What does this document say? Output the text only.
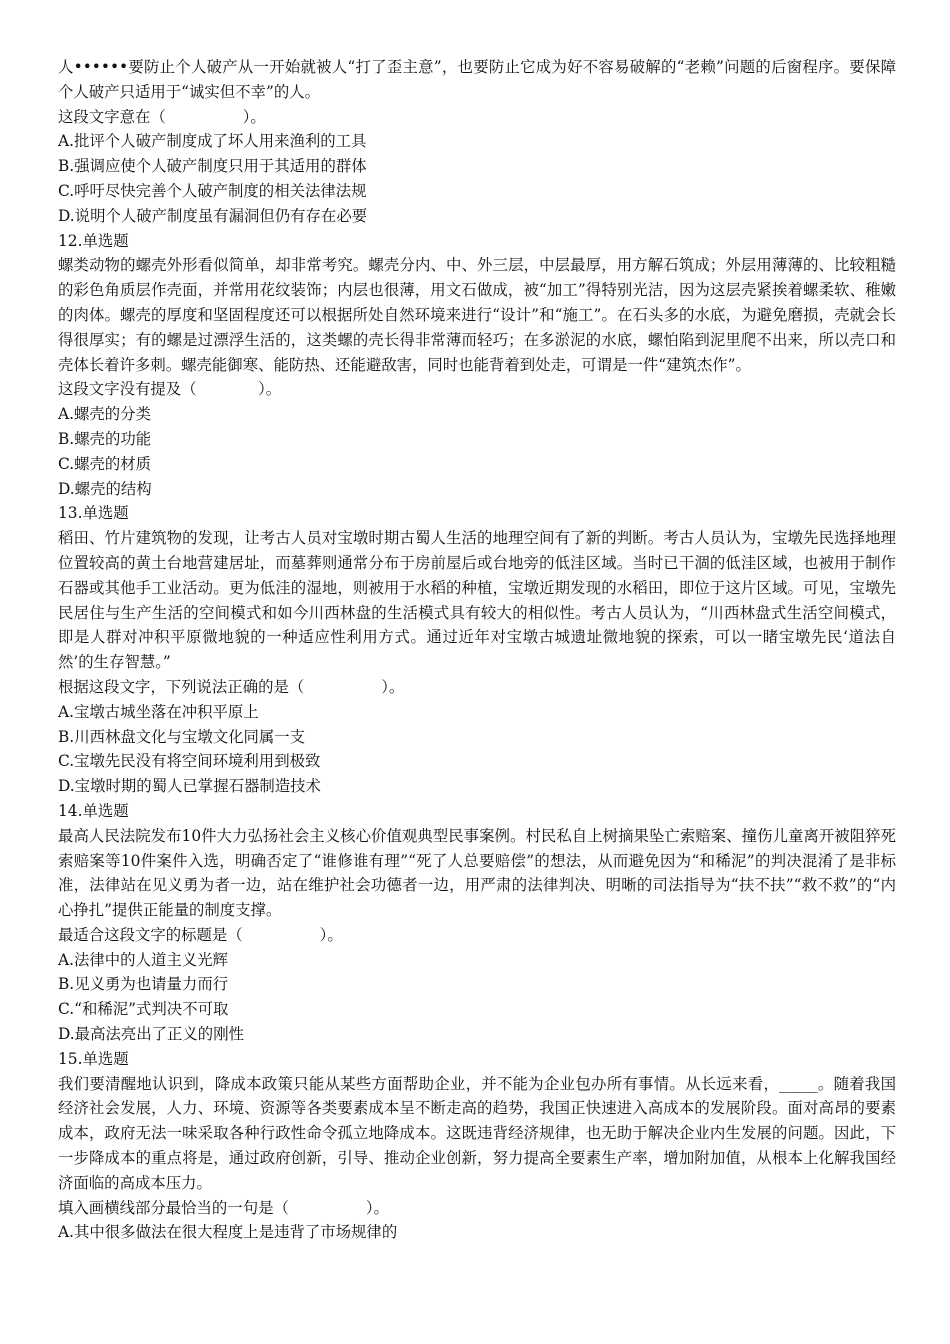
人••••••要防止个人破产从一开始就被人“打了歪主意”，也要防止它成为好不容易破解的“老赖”问题的后窗程序。要保障个人破产只适用于“诚实但不幸”的人。

这段文字意在（　　　　　）。

A.批评个人破产制度成了坏人用来渔利的工具

B.强调应使个人破产制度只用于其适用的群体

C.呼吁尽快完善个人破产制度的相关法律法规

D.说明个人破产制度虽有漏洞但仍有存在必要

12.单选题

螺类动物的螺壳外形看似简单，却非常考究。螺壳分内、中、外三层，中层最厚，用方解石筑成；外层用薄薄的、比较粗糙的彩色角质层作壳面，并常用花纹装饰；内层也很薄，用文石做成，被“加工”得特别光洁，因为这层壳紧挨着螺柔软、稚嫩的肉体。螺壳的厚度和坚固程度还可以根据所处自然环境来进行“设计”和“施工”。在石头多的水底，为避免磨损，壳就会长得很厚实；有的螺是过漂浮生活的，这类螺的壳长得非常薄而轻巧；在多淤泥的水底，螺怕陷到泥里爬不出来，所以壳口和壳体长着许多刺。螺壳能御寒、能防热、还能避敌害，同时也能背着到处走，可谓是一件“建筑杰作”。

这段文字没有提及（　　　　）。

A.螺壳的分类

B.螺壳的功能

C.螺壳的材质

D.螺壳的结构

13.单选题

稻田、竹片建筑物的发现，让考古人员对宝墩时期古蜀人生活的地理空间有了新的判断。考古人员认为，宝墩先民选择地理位置较高的黄土台地营建居址，而墓葬则通常分布于房前屋后或台地旁的低洼区域。当时已干涸的低洼区域，也被用于制作石器或其他手工业活动。更为低洼的湿地，则被用于水稻的种植，宝墩近期发现的水稻田，即位于这片区域。可见，宝墩先民居住与生产生活的空间模式和如今川西林盘的生活模式具有较大的相似性。考古人员认为，“川西林盘式生活空间模式，即是人群对冲积平原微地貌的一种适应性利用方式。通过近年对宝墩古城遗址微地貌的探索，可以一睹宝墩先民‘道法自然’的生存智慧。”

根据这段文字，下列说法正确的是（　　　　　）。

A.宝墩古城坐落在冲积平原上

B.川西林盘文化与宝墩文化同属一支

C.宝墩先民没有将空间环境利用到极致

D.宝墩时期的蜀人已掌握石器制造技术

14.单选题

最高人民法院发布10件大力弘扬社会主义核心价值观典型民事案例。村民私自上树摘果坠亡索赔案、撞伤儿童离开被阻猝死索赔案等10件案件入选，明确否定了“谁修谁有理”“死了人总要赔偿”的想法，从而避免因为“和稀泥”的判决混淆了是非标准，法律站在见义勇为者一边，站在维护社会功德者一边，用严肃的法律判决、明晰的司法指导为“扶不扶”“救不救”的“内心挣扎”提供正能量的制度支撑。

最适合这段文字的标题是（　　　　　）。

A.法律中的人道主义光辉

B.见义勇为也请量力而行

C.“和稀泥”式判决不可取

D.最高法亮出了正义的刚性

15.单选题

我们要清醒地认识到，降成本政策只能从某些方面帮助企业，并不能为企业包办所有事情。从长远来看，_____。随着我国经济社会发展，人力、环境、资源等各类要素成本呈不断走高的趋势，我国正快速进入高成本的发展阶段。面对高昂的要素成本，政府无法一味采取各种行政性命令孤立地降成本。这既违背经济规律，也无助于解决企业内生发展的问题。因此，下一步降成本的重点将是，通过政府创新，引导、推动企业创新，努力提高全要素生产率，增加附加值，从根本上化解我国经济面临的高成本压力。

填入画横线部分最恰当的一句是（　　　　　）。

A.其中很多做法在很大程度上是违背了市场规律的
